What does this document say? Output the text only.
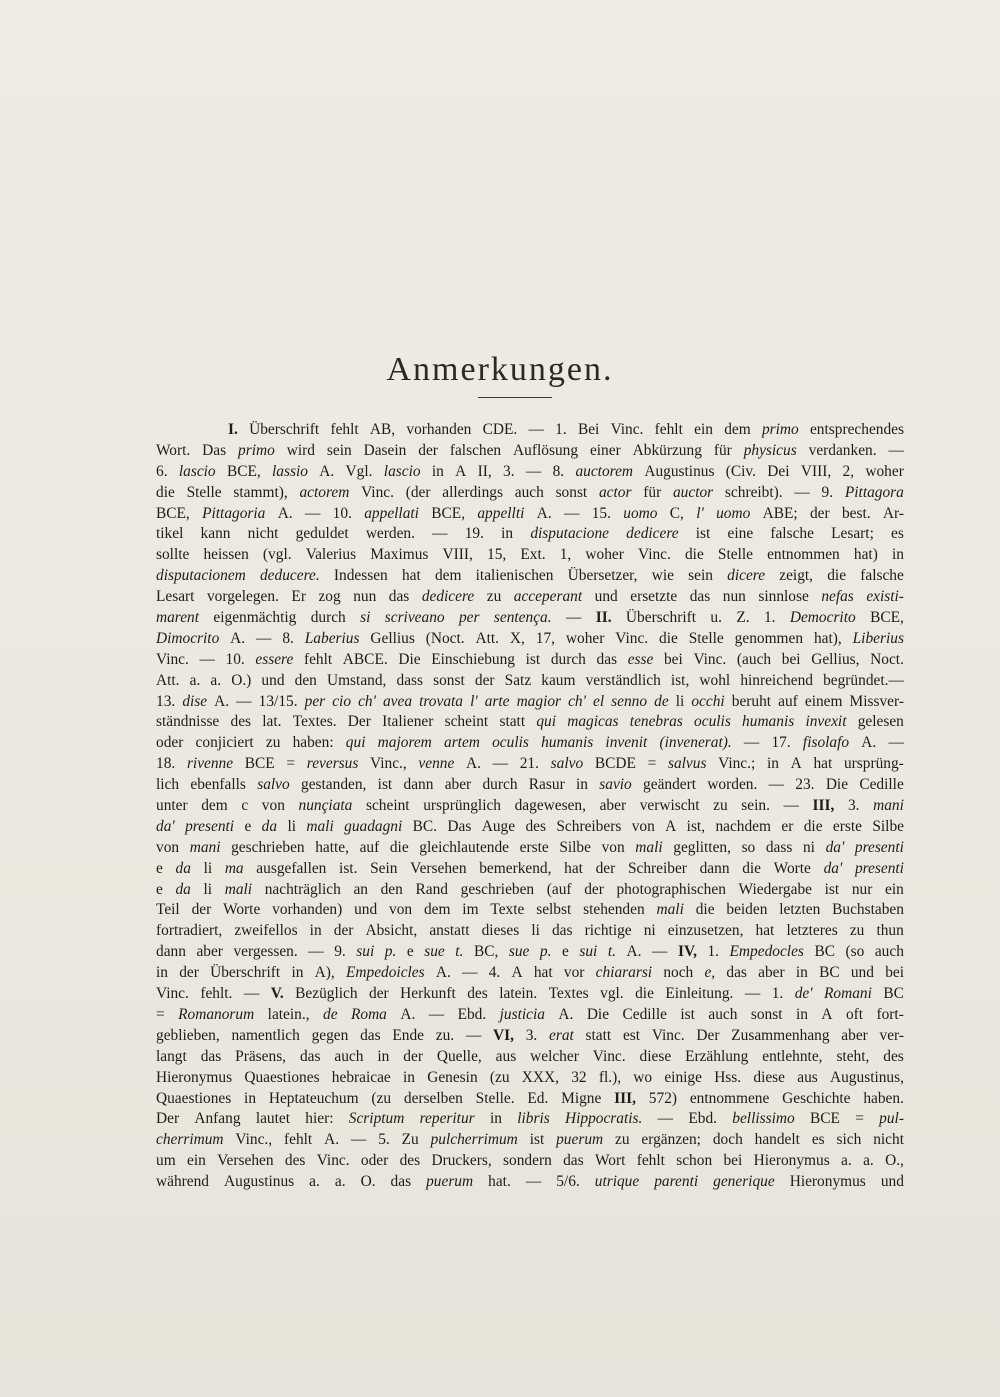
Anmerkungen.
I. Überschrift fehlt AB, vorhanden CDE. — 1. Bei Vinc. fehlt ein dem primo entsprechendes
Wort. Das primo wird sein Dasein der falschen Auflösung einer Abkürzung für physicus verdanken. —
6. lascio BCE, lassio A. Vgl. lascio in A II, 3. — 8. auctorem Augustinus (Civ. Dei VIII, 2, woher
die Stelle stammt), actorem Vinc. (der allerdings auch sonst actor für auctor schreibt). — 9. Pittagora
BCE, Pittagoria A. — 10. appellati BCE, appellti A. — 15. uomo C, l' uomo ABE; der best. Ar-
tikel kann nicht geduldet werden. — 19. in disputacione dedicere ist eine falsche Lesart; es
sollte heissen (vgl. Valerius Maximus VIII, 15, Ext. 1, woher Vinc. die Stelle entnommen hat) in
disputacionem deducere. Indessen hat dem italienischen Übersetzer, wie sein dicere zeigt, die falsche
Lesart vorgelegen. Er zog nun das dedicere zu acceperant und ersetzte das nun sinnlose nefas existi-
marent eigenmächtig durch si scriveano per sentença. — II. Überschrift u. Z. 1. Democrito BCE,
Dimocrito A. — 8. Laberius Gellius (Noct. Att. X, 17, woher Vinc. die Stelle genommen hat), Liberius
Vinc. — 10. essere fehlt ABCE. Die Einschiebung ist durch das esse bei Vinc. (auch bei Gellius, Noct.
Att. a. a. O.) und den Umstand, dass sonst der Satz kaum verständlich ist, wohl hinreichend begründet.—
13. dise A. — 13/15. per cio ch' avea trovata l' arte magior ch' el senno de li occhi beruht auf einem Missver-
ständnisse des lat. Textes. Der Italiener scheint statt qui magicas tenebras oculis humanis invexit gelesen
oder conjiciert zu haben: qui majorem artem oculis humanis invenit (invenerat). — 17. fisolafo A. —
18. rivenne BCE = reversus Vinc., venne A. — 21. salvo BCDE = salvus Vinc.; in A hat ursprüng-
lich ebenfalls salvo gestanden, ist dann aber durch Rasur in savio geändert worden. — 23. Die Cedille
unter dem c von nunçiata scheint ursprünglich dagewesen, aber verwischt zu sein. — III, 3. mani
da' presenti e da li mali guadagni BC. Das Auge des Schreibers von A ist, nachdem er die erste Silbe
von mani geschrieben hatte, auf die gleichlautende erste Silbe von mali geglitten, so dass ni da' presenti
e da li ma ausgefallen ist. Sein Versehen bemerkend, hat der Schreiber dann die Worte da' presenti
e da li mali nachträglich an den Rand geschrieben (auf der photographischen Wiedergabe ist nur ein
Teil der Worte vorhanden) und von dem im Texte selbst stehenden mali die beiden letzten Buchstaben
fortradiert, zweifellos in der Absicht, anstatt dieses li das richtige ni einzusetzen, hat letzteres zu thun
dann aber vergessen. — 9. sui p. e sue t. BC, sue p. e sui t. A. — IV, 1. Empedocles BC (so auch
in der Überschrift in A), Empedoicles A. — 4. A hat vor chiararsi noch e, das aber in BC und bei
Vinc. fehlt. — V. Bezüglich der Herkunft des latein. Textes vgl. die Einleitung. — 1. de' Romani BC
= Romanorum latein., de Roma A. — Ebd. justicia A. Die Cedille ist auch sonst in A oft fort-
geblieben, namentlich gegen das Ende zu. — VI, 3. erat statt est Vinc. Der Zusammenhang aber ver-
langt das Präsens, das auch in der Quelle, aus welcher Vinc. diese Erzählung entlehnte, steht, des
Hieronymus Quaestiones hebraicae in Genesin (zu XXX, 32 fl.), wo einige Hss. diese aus Augustinus,
Quaestiones in Heptateuchum (zu derselben Stelle. Ed. Migne III, 572) entnommene Geschichte haben.
Der Anfang lautet hier: Scriptum reperitur in libris Hippocratis. — Ebd. bellissimo BCE = pul-
cherrimum Vinc., fehlt A. — 5. Zu pulcherrimum ist puerum zu ergänzen; doch handelt es sich nicht
um ein Versehen des Vinc. oder des Druckers, sondern das Wort fehlt schon bei Hieronymus a. a. O.,
während Augustinus a. a. O. das puerum hat. — 5/6. utrique parenti generique Hieronymus und
